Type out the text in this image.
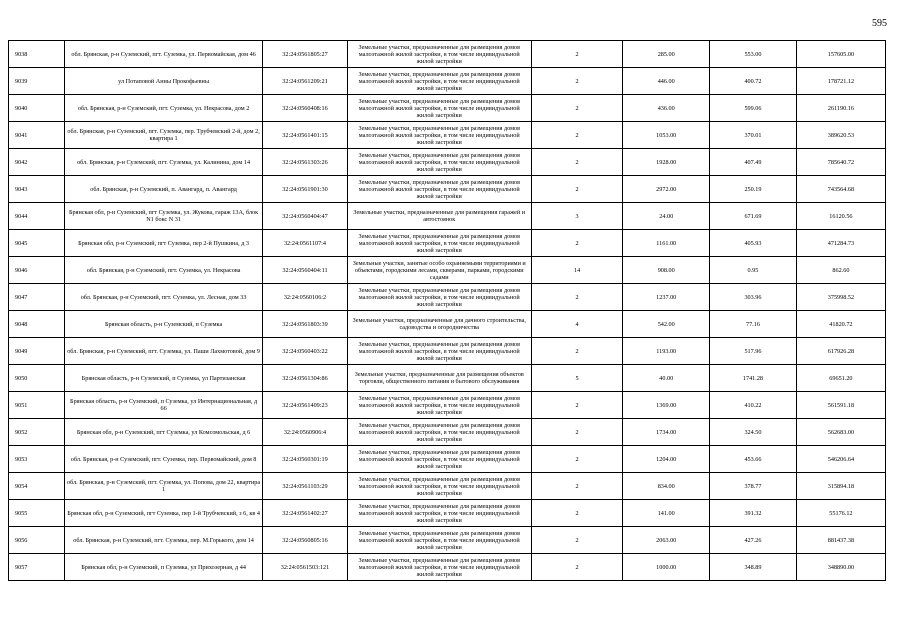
595
9038	обл. Брянская, р-н Суземский, пгт. Суземка, ул. Первомайская, дом 46	32:24:0561805:27	Земельные участки, предназначенные для размещения домов малоэтажной жилой застройки, в том числе индивидуальной жилой застройки	2	285.00	553.00	157605.00
9039	ул Потаповой Анны Прокофьевны	32:24:0561209:21	Земельные участки, предназначенные для размещения домов малоэтажной жилой застройки, в том числе индивидуальной жилой застройки	2	446.00	400.72	178721.12
9040	обл. Брянская, р-н Суземский, пгт. Суземка, ул. Некрасова, дом 2	32:24:0560408:16	Земельные участки, предназначенные для размещения домов малоэтажной жилой застройки, в том числе индивидуальной жилой застройки	2	436.00	599.06	261190.16
9041	обл. Брянская, р-н Суземский, пгт. Суземка, пер. Трубчевский 2-й, дом 2, квартира 1	32:24:0561401:15	Земельные участки, предназначенные для размещения домов малоэтажной жилой застройки, в том числе индивидуальной жилой застройки	2	1053.00	370.01	389620.53
9042	обл. Брянская, р-н Суземский, пгт. Суземка, ул. Калинина, дом 14	32:24:0561303:26	Земельные участки, предназначенные для размещения домов малоэтажной жилой застройки, в том числе индивидуальной жилой застройки	2	1928.00	407.49	785640.72
9043	обл. Брянская, р-н Суземский, п. Авангард, п. Авангард	32:24:0561901:30	Земельные участки, предназначенные для размещения домов малоэтажной жилой застройки, в том числе индивидуальной жилой застройки	2	2972.00	250.19	743564.68
9044	Брянская обл, р-н Суземский, пгт Суземка, ул. Жукова, гараж 13А, блок N1 бокс N 31	32:24:0560404:47	Земельные участки, предназначенные для размещения гаражей и автостоянок	3	24.00	671.69	16120.56
9045	Брянская обл, р-н Суземский, пгт Суземка, пер 2-й Пушкина, д 3	32:24:0561107:4	Земельные участки, предназначенные для размещения домов малоэтажной жилой застройки, в том числе индивидуальной жилой застройки	2	1161.00	405.93	471284.73
9046	обл. Брянская, р-н Суземский, пгт. Суземка, ул. Некрасова	32:24:0560404:11	Земельные участки, занятые особо охраняемыми территориями и объектами, городскими лесами, скверами, парками, городскими садами	14	908.00	0.95	862.60
9047	обл. Брянская, р-н Суземский, пгт. Суземка, ул. Лесная, дом 33	32:24:0560106:2	Земельные участки, предназначенные для размещения домов малоэтажной жилой застройки, в том числе индивидуальной жилой застройки	2	1237.00	303.96	375998.52
9048	Брянская область, р-н Суземский, п Суземка	32:24:0561803:39	Земельные участки, предназначенные для дачного строительства, садоводства и огородничества	4	542.00	77.16	41820.72
9049	обл. Брянская, р-н Суземский, пгт. Суземка, ул. Паши Лахмотовой, дом 9	32:24:0560403:22	Земельные участки, предназначенные для размещения домов малоэтажной жилой застройки, в том числе индивидуальной жилой застройки	2	1193.00	517.96	617926.28
9050	Брянская область, р-н Суземский, п Суземка, ул Партизанская	32:24:0561304:86	Земельные участки, предназначенные для размещения объектов торговли, общественного питания и бытового обслуживания	5	40.00	1741.28	69651.20
9051	Брянская область, р-н Суземский, п Суземка, ул Интернациональная, д 66	32:24:0561409:23	Земельные участки, предназначенные для размещения домов малоэтажной жилой застройки, в том числе индивидуальной жилой застройки	2	1369.00	410.22	561591.18
9052	Брянская обл, р-н Суземский, пгт Суземка, ул Комсомольская, д 6	32:24:0560906:4	Земельные участки, предназначенные для размещения домов малоэтажной жилой застройки, в том числе индивидуальной жилой застройки	2	1734.00	324.50	562683.00
9053	обл. Брянская, р-н Суземский, пгт. Суземка, пер. Первомайский, дом 8	32:24:0560301:19	Земельные участки, предназначенные для размещения домов малоэтажной жилой застройки, в том числе индивидуальной жилой застройки	2	1204.00	453.66	546206.64
9054	обл. Брянская, р-н Суземский, пгт. Суземка, ул. Попова, дом 22, квартира 1	32:24:0561103:29	Земельные участки, предназначенные для размещения домов малоэтажной жилой застройки, в том числе индивидуальной жилой застройки	2	834.00	378.77	315894.18
9055	Брянская обл, р-н Суземский, пгт Суземка, пер 1-й Трубчевский, з 6, кв 4	32:24:0561402:27	Земельные участки, предназначенные для размещения домов малоэтажной жилой застройки, в том числе индивидуальной жилой застройки	2	141.00	391.32	55176.12
9056	обл. Брянская, р-н Суземский, пгт. Суземка, пер. М.Горького, дом 14	32:24:0560805:16	Земельные участки, предназначенные для размещения домов малоэтажной жилой застройки, в том числе индивидуальной жилой застройки	2	2063.00	427.26	881437.38
9057	Брянская обл, р-н Суземский, п Суземка, ул Прихозерная, д 44	32:24:0561503:121	Земельные участки, предназначенные для размещения домов малоэтажной жилой застройки, в том числе индивидуальной жилой застройки	2	1000.00	348.89	348890.00
